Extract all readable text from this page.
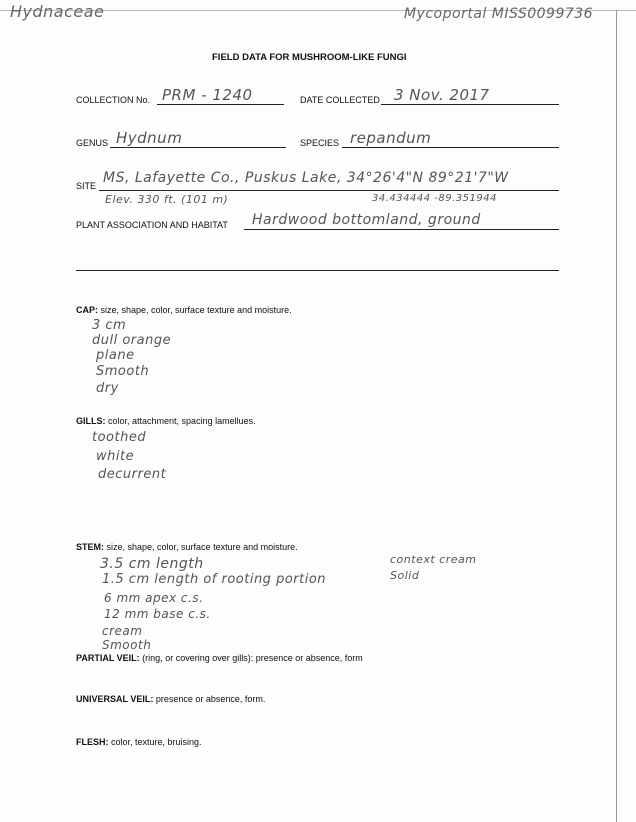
Hydnaceae	Mycoportal MISS0099736
FIELD DATA FOR MUSHROOM-LIKE FUNGI
COLLECTION No. PRM - 1240	DATE COLLECTED 3 Nov. 2017
GENUS Hydnum	SPECIES repandum
SITE MS, Lafayette Co., Puskus Lake, 34°26'4"N 89°21'7"W
Elev. 330 ft. (101 m)	34.434444 -89.351944
PLANT ASSOCIATION AND HABITAT Hardwood bottomland, ground
CAP: size, shape, color, surface texture and moisture.
3 cm
dull orange
plane
Smooth
dry
GILLS: color, attachment, spacing lamellues.
toothed
white
decurrent
STEM: size, shape, color, surface texture and moisture.
3.5 cm length
1.5 cm length of rooting portion
6 mm apex c.s.
12 mm base c.s.
cream
Smooth
context cream
Solid
PARTIAL VEIL: (ring, or covering over gills): presence or absence, form
UNIVERSAL VEIL: presence or absence, form.
FLESH: color, texture, bruising.
